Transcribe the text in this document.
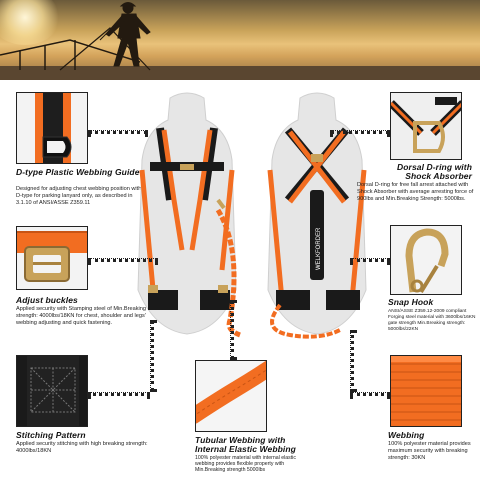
D-type Plastic Webbing Guide
Designed for adjusting chest webbing position with D-type for parking lanyard only, as described in 3.1.10 of ANSI/ASSE Z359.11
Adjust buckles
Applied security with Stamping steel of Min.Breaking strength: 4000lbs/18KN for chest, shoulder and legs' webbing adjusting and quick fastening.
Stitching Pattern
Applied security stitching with high breaking strength: 4000lbs/18KN
WELKFORDER
Tubular Webbing with Internal Elastic Webbing
100% polyester material with internal elastic webbing provides flexible property with Min.Breaking strength 5000lbs
Dorsal D-ring with Shock Absorber
Dorsal D-ring for free fall arrest attached with Shock Absorber with average arresting force of 900lbs and Min.Breaking Strength: 5000lbs.
Snap Hook
ANSI/ASSE Z359.12-2009 compliant Forging steel material with 3600lbs/16KN gate strength Min.Breaking strength: 5000lbs/22KN
Webbing
100% polyester material provides maximum security with breaking strength: 30KN
